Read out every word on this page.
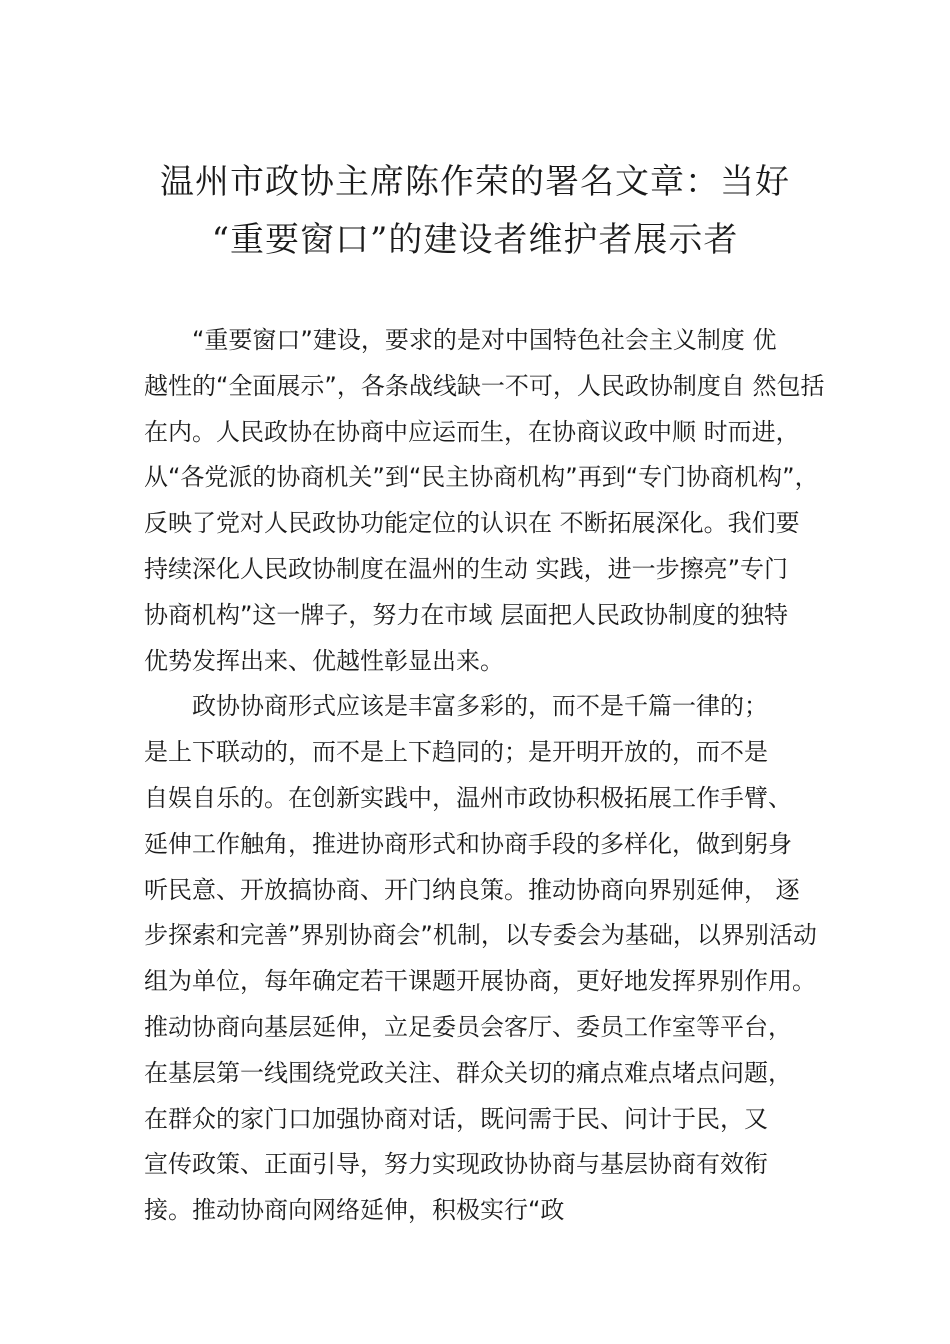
温州市政协主席陈作荣的署名文章：当好
“重要窗口”的建设者维护者展示者

“重要窗口”建设，要求的是对中国特色社会主义制度 优
越性的“全面展示”，各条战线缺一不可，人民政协制度自 然包括
在内。人民政协在协商中应运而生，在协商议政中顺 时而进，
从“各党派的协商机关”到“民主协商机构”再到“专门协商机构”，
反映了党对人民政协功能定位的认识在 不断拓展深化。我们要
持续深化人民政协制度在温州的生动 实践，进一步擦亮”专门
协商机构”这一牌子，努力在市域 层面把人民政协制度的独特
优势发挥出来、优越性彰显出来。

政协协商形式应该是丰富多彩的，而不是千篇一律的；
是上下联动的，而不是上下趋同的；是开明开放的，而不是
自娱自乐的。在创新实践中，温州市政协积极拓展工作手臂、
延伸工作触角，推进协商形式和协商手段的多样化，做到躬身
听民意、开放搞协商、开门纳良策。推动协商向界别延伸， 逐
步探索和完善”界别协商会”机制，以专委会为基础，以界别活动
组为单位，每年确定若干课题开展协商，更好地发挥界别作用。
推动协商向基层延伸，立足委员会客厅、委员工作室等平台，
在基层第一线围绕党政关注、群众关切的痛点难点堵点问题，
在群众的家门口加强协商对话，既问需于民、问计于民，又
宣传政策、正面引导，努力实现政协协商与基层协商有效衔
接。推动协商向网络延伸，积极实行“政
